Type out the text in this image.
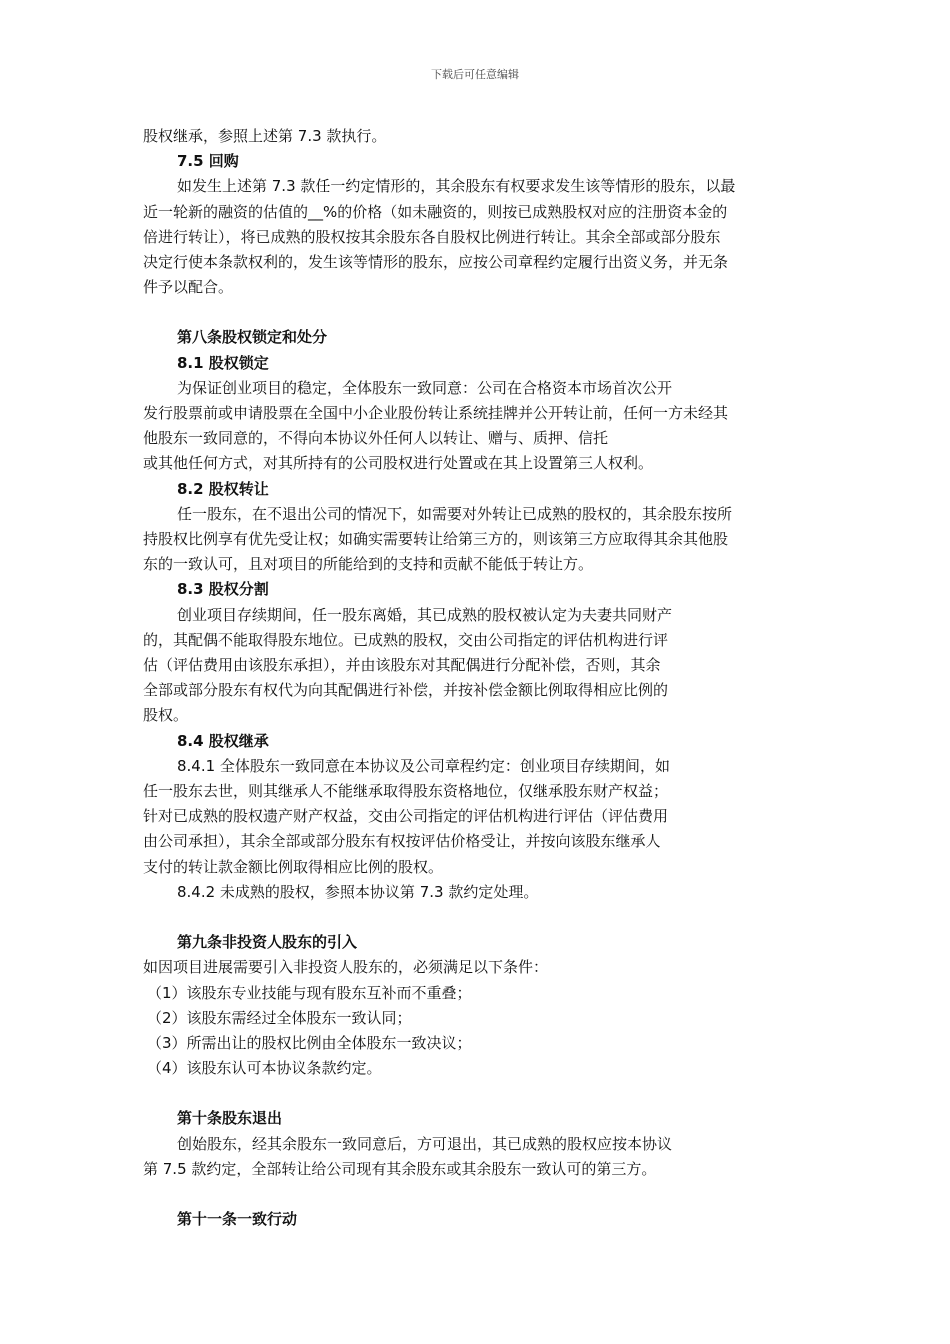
下载后可任意编辑
股权继承，参照上述第 7.3 款执行。
7.5 回购
如发生上述第 7.3 款任一约定情形的，其余股东有权要求发生该等情形的股东，以最
近一轮新的融资的估值的__%的价格（如未融资的，则按已成熟股权对应的注册资本金的
倍进行转让），将已成熟的股权按其余股东各自股权比例进行转让。其余全部或部分股东
决定行使本条款权利的，发生该等情形的股东，应按公司章程约定履行出资义务，并无条
件予以配合。
第八条股权锁定和处分
8.1 股权锁定
为保证创业项目的稳定，全体股东一致同意：公司在合格资本市场首次公开
发行股票前或申请股票在全国中小企业股份转让系统挂牌并公开转让前，任何一方未经其
他股东一致同意的，不得向本协议外任何人以转让、赠与、质押、信托
或其他任何方式，对其所持有的公司股权进行处置或在其上设置第三人权利。
8.2 股权转让
任一股东，在不退出公司的情况下，如需要对外转让已成熟的股权的，其余股东按所
持股权比例享有优先受让权；如确实需要转让给第三方的，则该第三方应取得其余其他股
东的一致认可，且对项目的所能给到的支持和贡献不能低于转让方。
8.3 股权分割
创业项目存续期间，任一股东离婚，其已成熟的股权被认定为夫妻共同财产
的，其配偶不能取得股东地位。已成熟的股权，交由公司指定的评估机构进行评
估（评估费用由该股东承担），并由该股东对其配偶进行分配补偿，否则，其余
全部或部分股东有权代为向其配偶进行补偿，并按补偿金额比例取得相应比例的
股权。
8.4 股权继承
8.4.1 全体股东一致同意在本协议及公司章程约定：创业项目存续期间，如
任一股东去世，则其继承人不能继承取得股东资格地位，仅继承股东财产权益；
针对已成熟的股权遗产财产权益，交由公司指定的评估机构进行评估（评估费用
由公司承担），其余全部或部分股东有权按评估价格受让，并按向该股东继承人
支付的转让款金额比例取得相应比例的股权。
8.4.2 未成熟的股权，参照本协议第 7.3 款约定处理。
第九条非投资人股东的引入
如因项目进展需要引入非投资人股东的，必须满足以下条件：
（1）该股东专业技能与现有股东互补而不重叠；
（2）该股东需经过全体股东一致认同；
（3）所需出让的股权比例由全体股东一致决议；
（4）该股东认可本协议条款约定。
第十条股东退出
创始股东，经其余股东一致同意后，方可退出，其已成熟的股权应按本协议
第 7.5 款约定，全部转让给公司现有其余股东或其余股东一致认可的第三方。
第十一条一致行动
